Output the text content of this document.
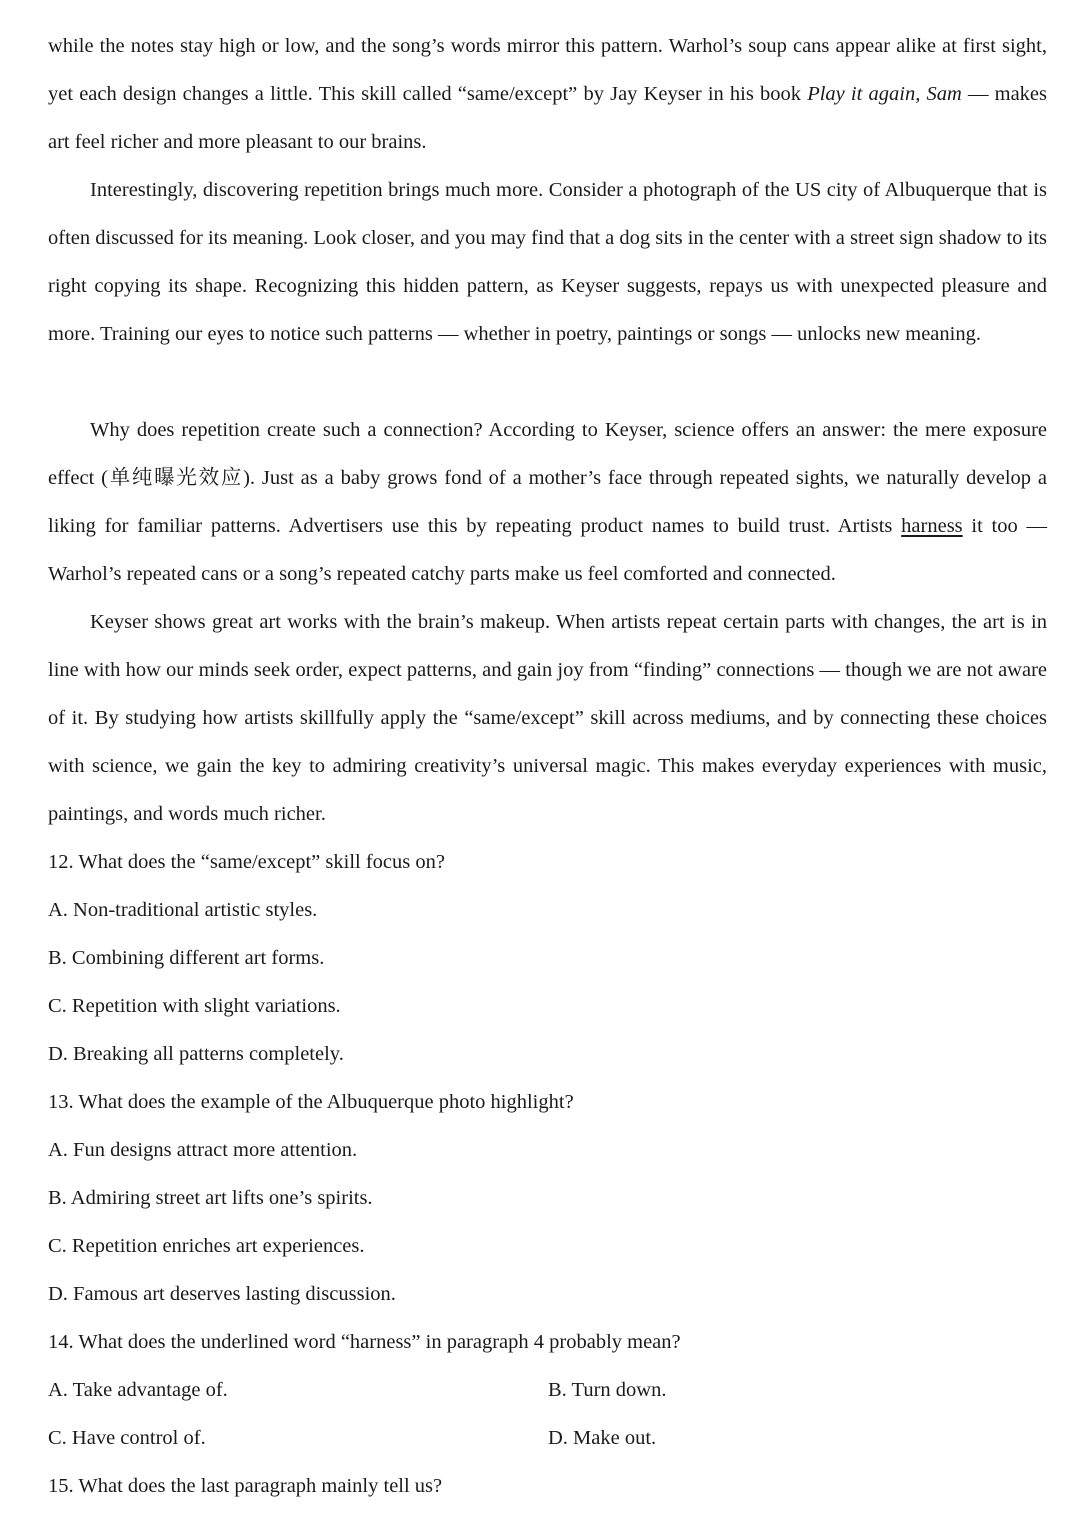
while the notes stay high or low, and the song’s words mirror this pattern. Warhol’s soup cans appear alike at first sight, yet each design changes a little. This skill called “same/except” by Jay Keyser in his book Play it again, Sam — makes art feel richer and more pleasant to our brains.

Interestingly, discovering repetition brings much more. Consider a photograph of the US city of Albuquerque that is often discussed for its meaning. Look closer, and you may find that a dog sits in the center with a street sign shadow to its right copying its shape. Recognizing this hidden pattern, as Keyser suggests, repays us with unexpected pleasure and more. Training our eyes to notice such patterns — whether in poetry, paintings or songs — unlocks new meaning.

Why does repetition create such a connection? According to Keyser, science offers an answer: the mere exposure effect (单纯曝光效应). Just as a baby grows fond of a mother’s face through repeated sights, we naturally develop a liking for familiar patterns. Advertisers use this by repeating product names to build trust. Artists harness it too — Warhol’s repeated cans or a song’s repeated catchy parts make us feel comforted and connected.

Keyser shows great art works with the brain’s makeup. When artists repeat certain parts with changes, the art is in line with how our minds seek order, expect patterns, and gain joy from “finding” connections — though we are not aware of it. By studying how artists skillfully apply the “same/except” skill across mediums, and by connecting these choices with science, we gain the key to admiring creativity’s universal magic. This makes everyday experiences with music, paintings, and words much richer.

12. What does the “same/except” skill focus on?
A. Non-traditional artistic styles.
B. Combining different art forms.
C. Repetition with slight variations.
D. Breaking all patterns completely.
13. What does the example of the Albuquerque photo highlight?
A. Fun designs attract more attention.
B. Admiring street art lifts one’s spirits.
C. Repetition enriches art experiences.
D. Famous art deserves lasting discussion.
14. What does the underlined word “harness” in paragraph 4 probably mean?
A. Take advantage of.	B. Turn down.
C. Have control of.	D. Make out.
15. What does the last paragraph mainly tell us?
